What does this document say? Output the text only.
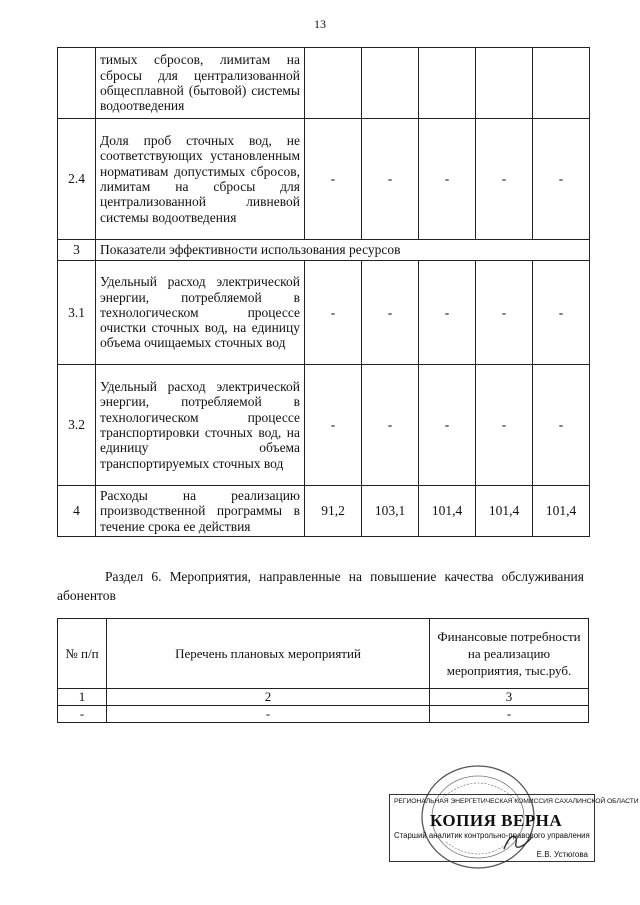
13
	тимых сбросов, лимитам на сбросы для централизованной общесплавной (бытовой) системы водоотведения					
2.4	Доля проб сточных вод, не соответствующих установленным нормативам допустимых сбросов, лимитам на сбросы для централизованной ливневой системы водоотведения	-	-	-	-	-
3	Показатели эффективности использования ресурсов					
3.1	Удельный расход электрической энергии, потребляемой в технологическом процессе очистки сточных вод, на единицу объема очищаемых сточных вод	-	-	-	-	-
3.2	Удельный расход электрической энергии, потребляемой в технологическом процессе транспортировки сточных вод, на единицу объема транспортируемых сточных вод	-	-	-	-	-
4	Расходы на реализацию производственной программы в течение срока ее действия	91,2	103,1	101,4	101,4	101,4

Раздел 6. Мероприятия, направленные на повышение качества обслуживания абонентов

№ п/п	Перечень плановых мероприятий	Финансовые потребности на реализацию мероприятия, тыс.руб.
1	2	3
-	-	-
РЕГИОНАЛЬНАЯ ЭНЕРГЕТИЧЕСКАЯ КОМИССИЯ САХАЛИНСКОЙ ОБЛАСТИ
КОПИЯ ВЕРНА
Старший аналитик контрольно-правового управления
Е.В. Устюгова
